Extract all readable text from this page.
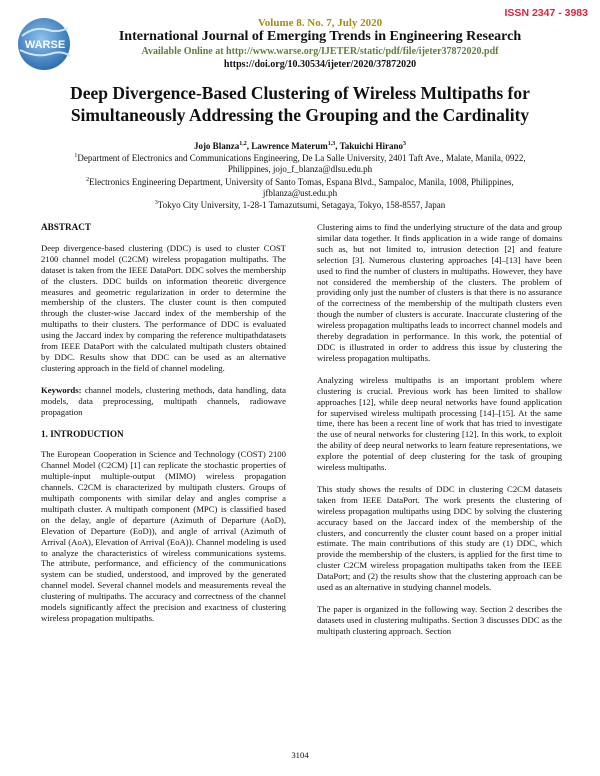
WARSE
ISSN 2347 - 3983
Volume 8. No. 7, July 2020
International Journal of Emerging Trends in Engineering Research
Available Online at http://www.warse.org/IJETER/static/pdf/file/ijeter37872020.pdf
https://doi.org/10.30534/ijeter/2020/37872020
Deep Divergence-Based Clustering of Wireless Multipaths for
Simultaneously Addressing the Grouping and the Cardinality
Jojo Blanza$^{1,2}$, Lawrence Materum$^{1,3}$, Takuichi Hirano$^3$
$^1$Department of Electronics and Communications Engineering, De La Salle University, 2401 Taft Ave., Malate, Manila, 0922,
Philippines, jojo_f_blanza@dlsu.edu.ph
$^2$Electronics Engineering Department, University of Santo Tomas, Espana Blvd., Sampaloc, Manila, 1008, Philippines,
jfblanza@ust.edu.ph
$^3$Tokyo City University, 1-28-1 Tamazutsumi, Setagaya, Tokyo, 158-8557, Japan
ABSTRACT

Deep divergence-based clustering (DDC) is used to cluster COST 2100 channel model (C2CM) wireless propagation multipaths. The dataset is taken from the IEEE DataPort. DDC solves the membership of the clusters. DDC builds on information theoretic divergence measures and geometric regularization in order to determine the membership of the clusters. The cluster count is then computed through the cluster-wise Jaccard index of the membership of the multipaths to their clusters. The performance of DDC is evaluated using the Jaccard index by comparing the reference multipathdatasets from IEEE DataPort with the calculated multipath clusters obtained by DDC. Results show that DDC can be used as an alternative clustering approach in the field of channel modeling.

Keywords: channel models, clustering methods, data handling, data models, data preprocessing, multipath channels, radiowave propagation

1. INTRODUCTION

The European Cooperation in Science and Technology (COST) 2100 Channel Model (C2CM) [1] can replicate the stochastic properties of multiple-input multiple-output (MIMO) wireless propagation channels. C2CM is characterized by multipath clusters. Groups of multipath components with similar delay and angles comprise a multipath cluster. A multipath component (MPC) is classified based on the delay, angle of departure (Azimuth of Departure (AoD), Elevation of Departure (EoD)), and angle of arrival (Azimuth of Arrival (AoA), Elevation of Arrival (EoA)). Channel modeling is used to analyze the characteristics of wireless communications systems. The attribute, performance, and efficiency of the communications system can be studied, understood, and improved by the generated channel model. Several channel models and measurements reveal the clustering of multipaths. The accuracy and correctness of the channel models significantly affect the precision and exactness of clustering wireless propagation multipaths.

Clustering aims to find the underlying structure of the data and group similar data together. It finds application in a wide range of domains such as, but not limited to, intrusion detection [2] and feature selection [3]. Numerous clustering approaches [4]–[13] have been used to find the number of clusters in multipaths. However, they have not considered the membership of the clusters. The problem of providing only just the number of clusters is that there is no assurance of the correctness of the membership of the multipath clusters even though the number of clusters is accurate. Inaccurate clustering of the wireless propagation multipaths leads to incorrect channel models and thereby degradation in performance. In this work, the potential of DDC is illustrated in order to address this issue by clustering the wireless propagation multipaths.

Analyzing wireless multipaths is an important problem where clustering is crucial. Previous work has been limited to shallow approaches [12], while deep neural networks have found application for supervised wireless multipath processing [14]–[15]. At the same time, there has been a recent line of work that has tried to investigate the use of neural networks for clustering [12]. In this work, to exploit the ability of deep neural networks to learn feature representations, we explore the potential of deep clustering for the task of grouping wireless multipaths.

This study shows the results of DDC in clustering C2CM datasets taken from IEEE DataPort. The work presents the clustering of wireless propagation multipaths using DDC by solving the clustering accuracy based on the Jaccard index of the membership of the clusters, and concurrently the cluster count based on a proper initial estimate. The main contributions of this study are (1) DDC, which provide the membership of the clusters, is applied for the first time to cluster C2CM wireless propagation multipaths taken from the IEEE DataPort; and (2) the results show that the clustering approach can be used as an alternative in studying channel models.

The paper is organized in the following way. Section 2 describes the datasets used in clustering multipaths. Section 3 discusses DDC as the multipath clustering approach. Section

3104
